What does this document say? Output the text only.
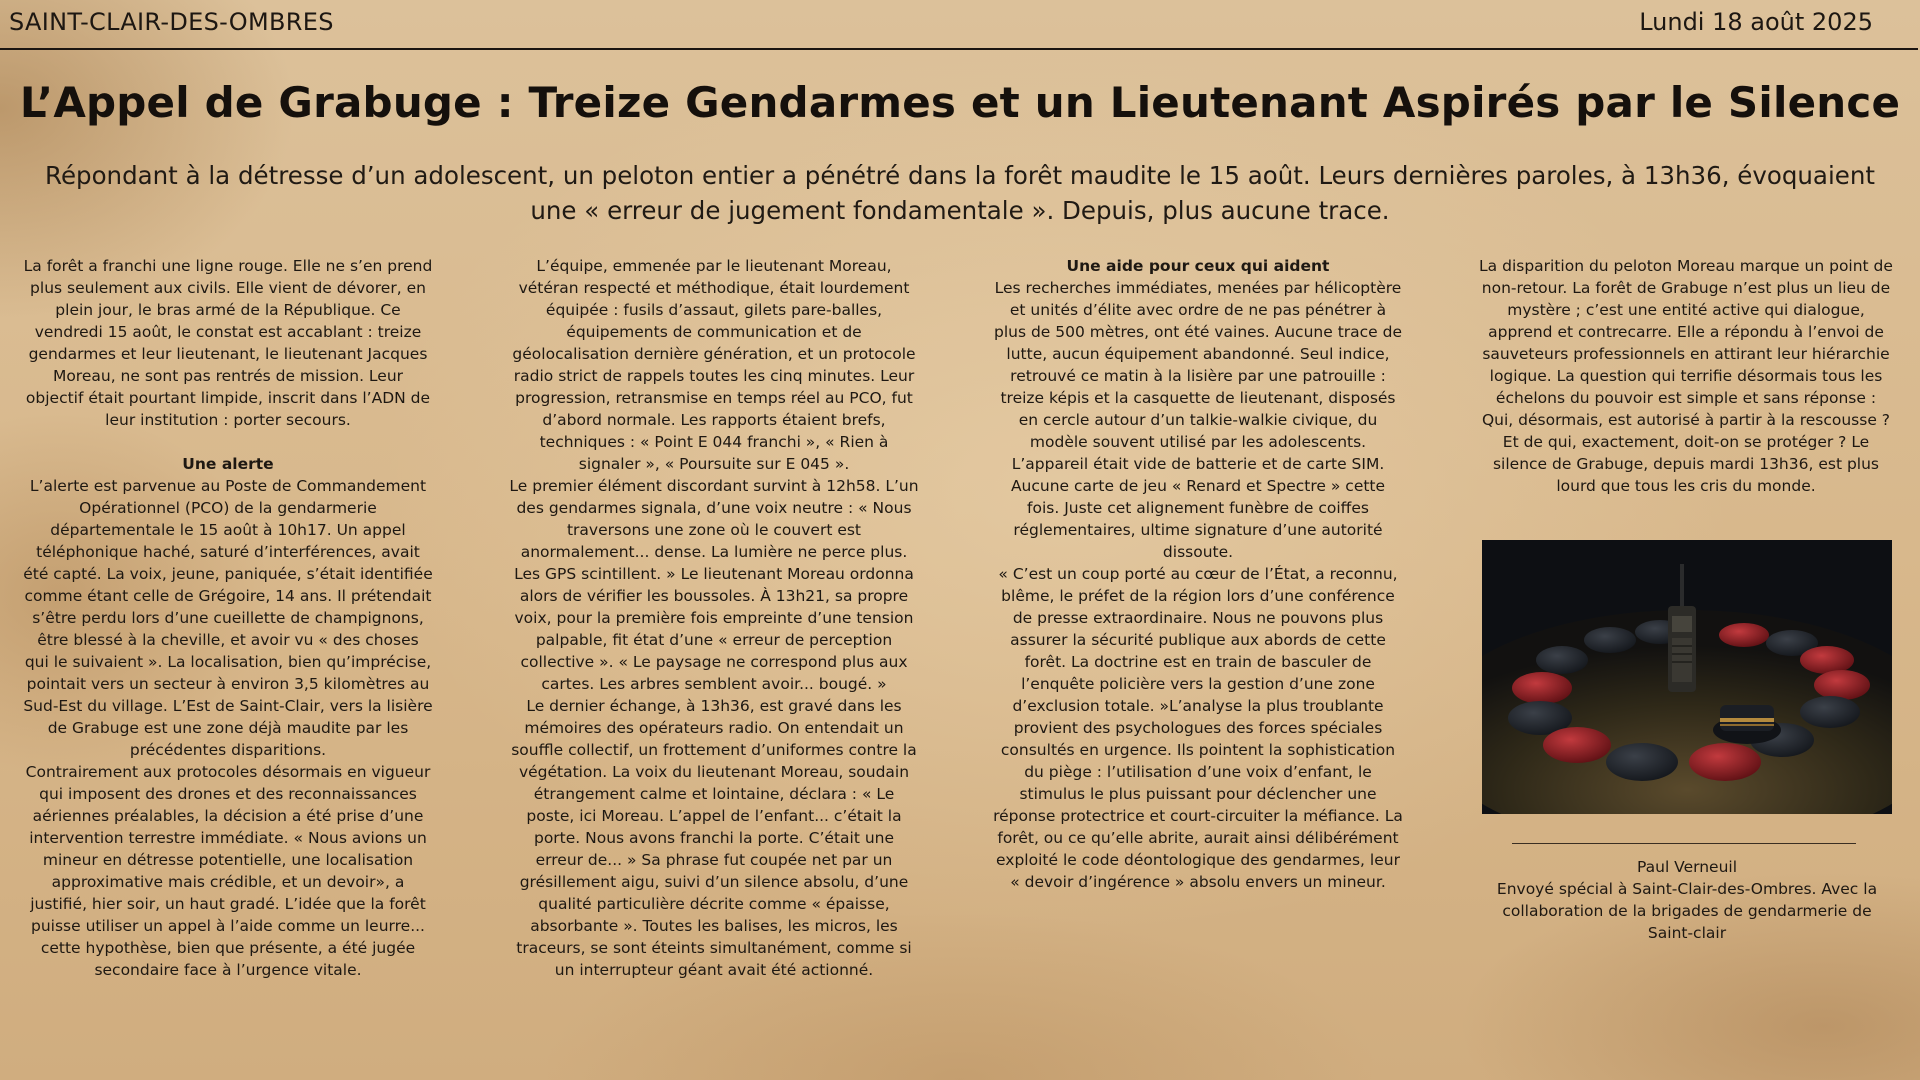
SAINT-CLAIR-DES-OMBRES	Lundi 18 août 2025
L’Appel de Grabuge : Treize Gendarmes et un Lieutenant Aspirés par le Silence
Répondant à la détresse d’un adolescent, un peloton entier a pénétré dans la forêt maudite le 15 août. Leurs dernières paroles, à 13h36, évoquaient une « erreur de jugement fondamentale ». Depuis, plus aucune trace.

La forêt a franchi une ligne rouge. Elle ne s’en prend plus seulement aux civils. Elle vient de dévorer, en plein jour, le bras armé de la République. Ce vendredi 15 août, le constat est accablant : treize gendarmes et leur lieutenant, le lieutenant Jacques Moreau, ne sont pas rentrés de mission. Leur objectif était pourtant limpide, inscrit dans l’ADN de leur institution : porter secours.

Une alerte

L’alerte est parvenue au Poste de Commandement Opérationnel (PCO) de la gendarmerie départementale le 15 août à 10h17. Un appel téléphonique haché, saturé d’interférences, avait été capté. La voix, jeune, paniquée, s’était identifiée comme étant celle de Grégoire, 14 ans. Il prétendait s’être perdu lors d’une cueillette de champignons, être blessé à la cheville, et avoir vu « des choses qui le suivaient ». La localisation, bien qu’imprécise, pointait vers un secteur à environ 3,5 kilomètres au Sud-Est du village. L’Est de Saint-Clair, vers la lisière de Grabuge est une zone déjà maudite par les précédentes disparitions.

Contrairement aux protocoles désormais en vigueur qui imposent des drones et des reconnaissances aériennes préalables, la décision a été prise d’une intervention terrestre immédiate. « Nous avions un mineur en détresse potentielle, une localisation approximative mais crédible, et un devoir», a justifié, hier soir, un haut gradé. L’idée que la forêt puisse utiliser un appel à l’aide comme un leurre... cette hypothèse, bien que présente, a été jugée secondaire face à l’urgence vitale.

L’équipe, emmenée par le lieutenant Moreau, vétéran respecté et méthodique, était lourdement équipée : fusils d’assaut, gilets pare-balles, équipements de communication et de géolocalisation dernière génération, et un protocole radio strict de rappels toutes les cinq minutes. Leur progression, retransmise en temps réel au PCO, fut d’abord normale. Les rapports étaient brefs, techniques : « Point E 044 franchi », « Rien à signaler », « Poursuite sur E 045 ».

Le premier élément discordant survint à 12h58. L’un des gendarmes signala, d’une voix neutre : « Nous traversons une zone où le couvert est anormalement... dense. La lumière ne perce plus. Les GPS scintillent. » Le lieutenant Moreau ordonna alors de vérifier les boussoles. À 13h21, sa propre voix, pour la première fois empreinte d’une tension palpable, fit état d’une « erreur de perception collective ». « Le paysage ne correspond plus aux cartes. Les arbres semblent avoir... bougé. »

Le dernier échange, à 13h36, est gravé dans les mémoires des opérateurs radio. On entendait un souffle collectif, un frottement d’uniformes contre la végétation. La voix du lieutenant Moreau, soudain étrangement calme et lointaine, déclara : « Le poste, ici Moreau. L’appel de l’enfant... c’était la porte. Nous avons franchi la porte. C’était une erreur de... » Sa phrase fut coupée net par un grésillement aigu, suivi d’un silence absolu, d’une qualité particulière décrite comme « épaisse, absorbante ». Toutes les balises, les micros, les traceurs, se sont éteints simultanément, comme si un interrupteur géant avait été actionné.

Une aide pour ceux qui aident

Les recherches immédiates, menées par hélicoptère et unités d’élite avec ordre de ne pas pénétrer à plus de 500 mètres, ont été vaines. Aucune trace de lutte, aucun équipement abandonné. Seul indice, retrouvé ce matin à la lisière par une patrouille : treize képis et la casquette de lieutenant, disposés en cercle autour d’un talkie-walkie civique, du modèle souvent utilisé par les adolescents. L’appareil était vide de batterie et de carte SIM. Aucune carte de jeu « Renard et Spectre » cette fois. Juste cet alignement funèbre de coiffes réglementaires, ultime signature d’une autorité dissoute.

« C’est un coup porté au cœur de l’État, a reconnu, blême, le préfet de la région lors d’une conférence de presse extraordinaire. Nous ne pouvons plus assurer la sécurité publique aux abords de cette forêt. La doctrine est en train de basculer de l’enquête policière vers la gestion d’une zone d’exclusion totale. »L’analyse la plus troublante provient des psychologues des forces spéciales consultés en urgence. Ils pointent la sophistication du piège : l’utilisation d’une voix d’enfant, le stimulus le plus puissant pour déclencher une réponse protectrice et court-circuiter la méfiance. La forêt, ou ce qu’elle abrite, aurait ainsi délibérément exploité le code déontologique des gendarmes, leur « devoir d’ingérence » absolu envers un mineur.

La disparition du peloton Moreau marque un point de non-retour. La forêt de Grabuge n’est plus un lieu de mystère ; c’est une entité active qui dialogue, apprend et contrecarre. Elle a répondu à l’envoi de sauveteurs professionnels en attirant leur hiérarchie logique. La question qui terrifie désormais tous les échelons du pouvoir est simple et sans réponse : Qui, désormais, est autorisé à partir à la rescousse ? Et de qui, exactement, doit-on se protéger ? Le silence de Grabuge, depuis mardi 13h36, est plus lourd que tous les cris du monde.

Paul Verneuil

Envoyé spécial à Saint-Clair-des-Ombres. Avec la collaboration de la brigades de gendarmerie de Saint-clair
